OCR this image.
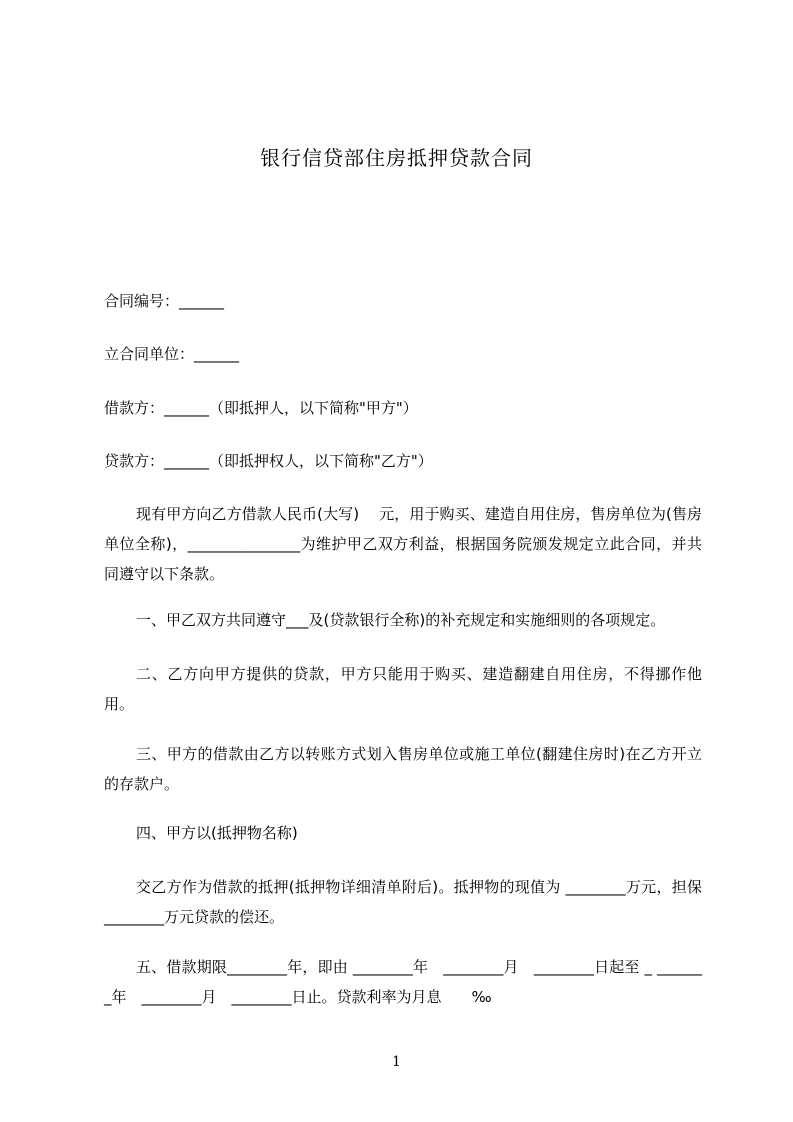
银行信贷部住房抵押贷款合同
合同编号：______
立合同单位：______
借款方：______（即抵押人，以下简称"甲方"）
贷款方：______（即抵押权人，以下简称"乙方"）
现有甲方向乙方借款人民币(大写)　 元，用于购买、建造自用住房，售房单位为(售房单位全称)，_______________为维护甲乙双方利益，根据国务院颁发规定立此合同，并共同遵守以下条款。
一、甲乙双方共同遵守___及(贷款银行全称)的补充规定和实施细则的各项规定。
二、乙方向甲方提供的贷款，甲方只能用于购买、建造翻建自用住房，不得挪作他用。
三、甲方的借款由乙方以转账方式划入售房单位或施工单位(翻建住房时)在乙方开立的存款户。
四、甲方以(抵押物名称)
交乙方作为借款的抵押(抵押物详细清单附后)。抵押物的现值为 ________万元，担保 ________万元贷款的偿还。
五、借款期限________年，即由 ________年　________月　________日起至 _ _______年　________月　________日止。贷款利率为月息　　‰
1
